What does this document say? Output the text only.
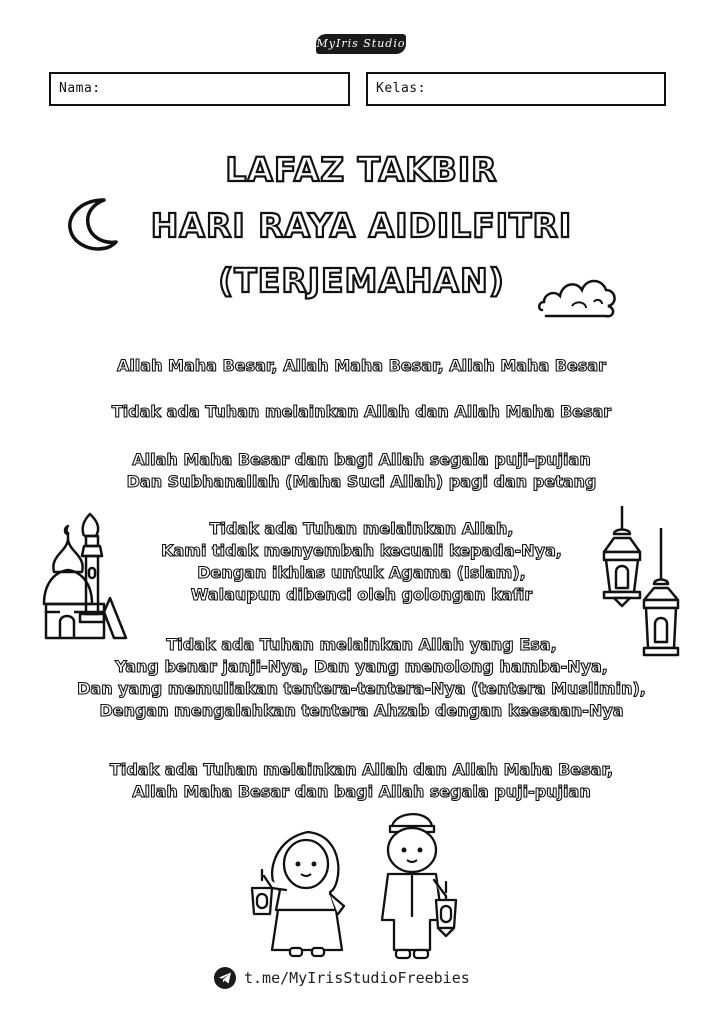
MyIris Studio
Nama:	Kelas:
LAFAZ TAKBIR
HARI RAYA AIDILFITRI
(TERJEMAHAN)
Allah Maha Besar, Allah Maha Besar, Allah Maha Besar
Tidak ada Tuhan melainkan Allah dan Allah Maha Besar
Allah Maha Besar dan bagi Allah segala puji-pujian
Dan Subhanallah (Maha Suci Allah) pagi dan petang
Tidak ada Tuhan melainkan Allah,
Kami tidak menyembah kecuali kepada-Nya,
Dengan ikhlas untuk Agama (Islam),
Walaupun dibenci oleh golongan kafir
Tidak ada Tuhan melainkan Allah yang Esa,
Yang benar janji-Nya, Dan yang menolong hamba-Nya,
Dan yang memuliakan tentera-tentera-Nya (tentera Muslimin),
Dengan mengalahkan tentera Ahzab dengan keesaan-Nya
Tidak ada Tuhan melainkan Allah dan Allah Maha Besar,
Allah Maha Besar dan bagi Allah segala puji-pujian
t.me/MyIrisStudioFreebies
